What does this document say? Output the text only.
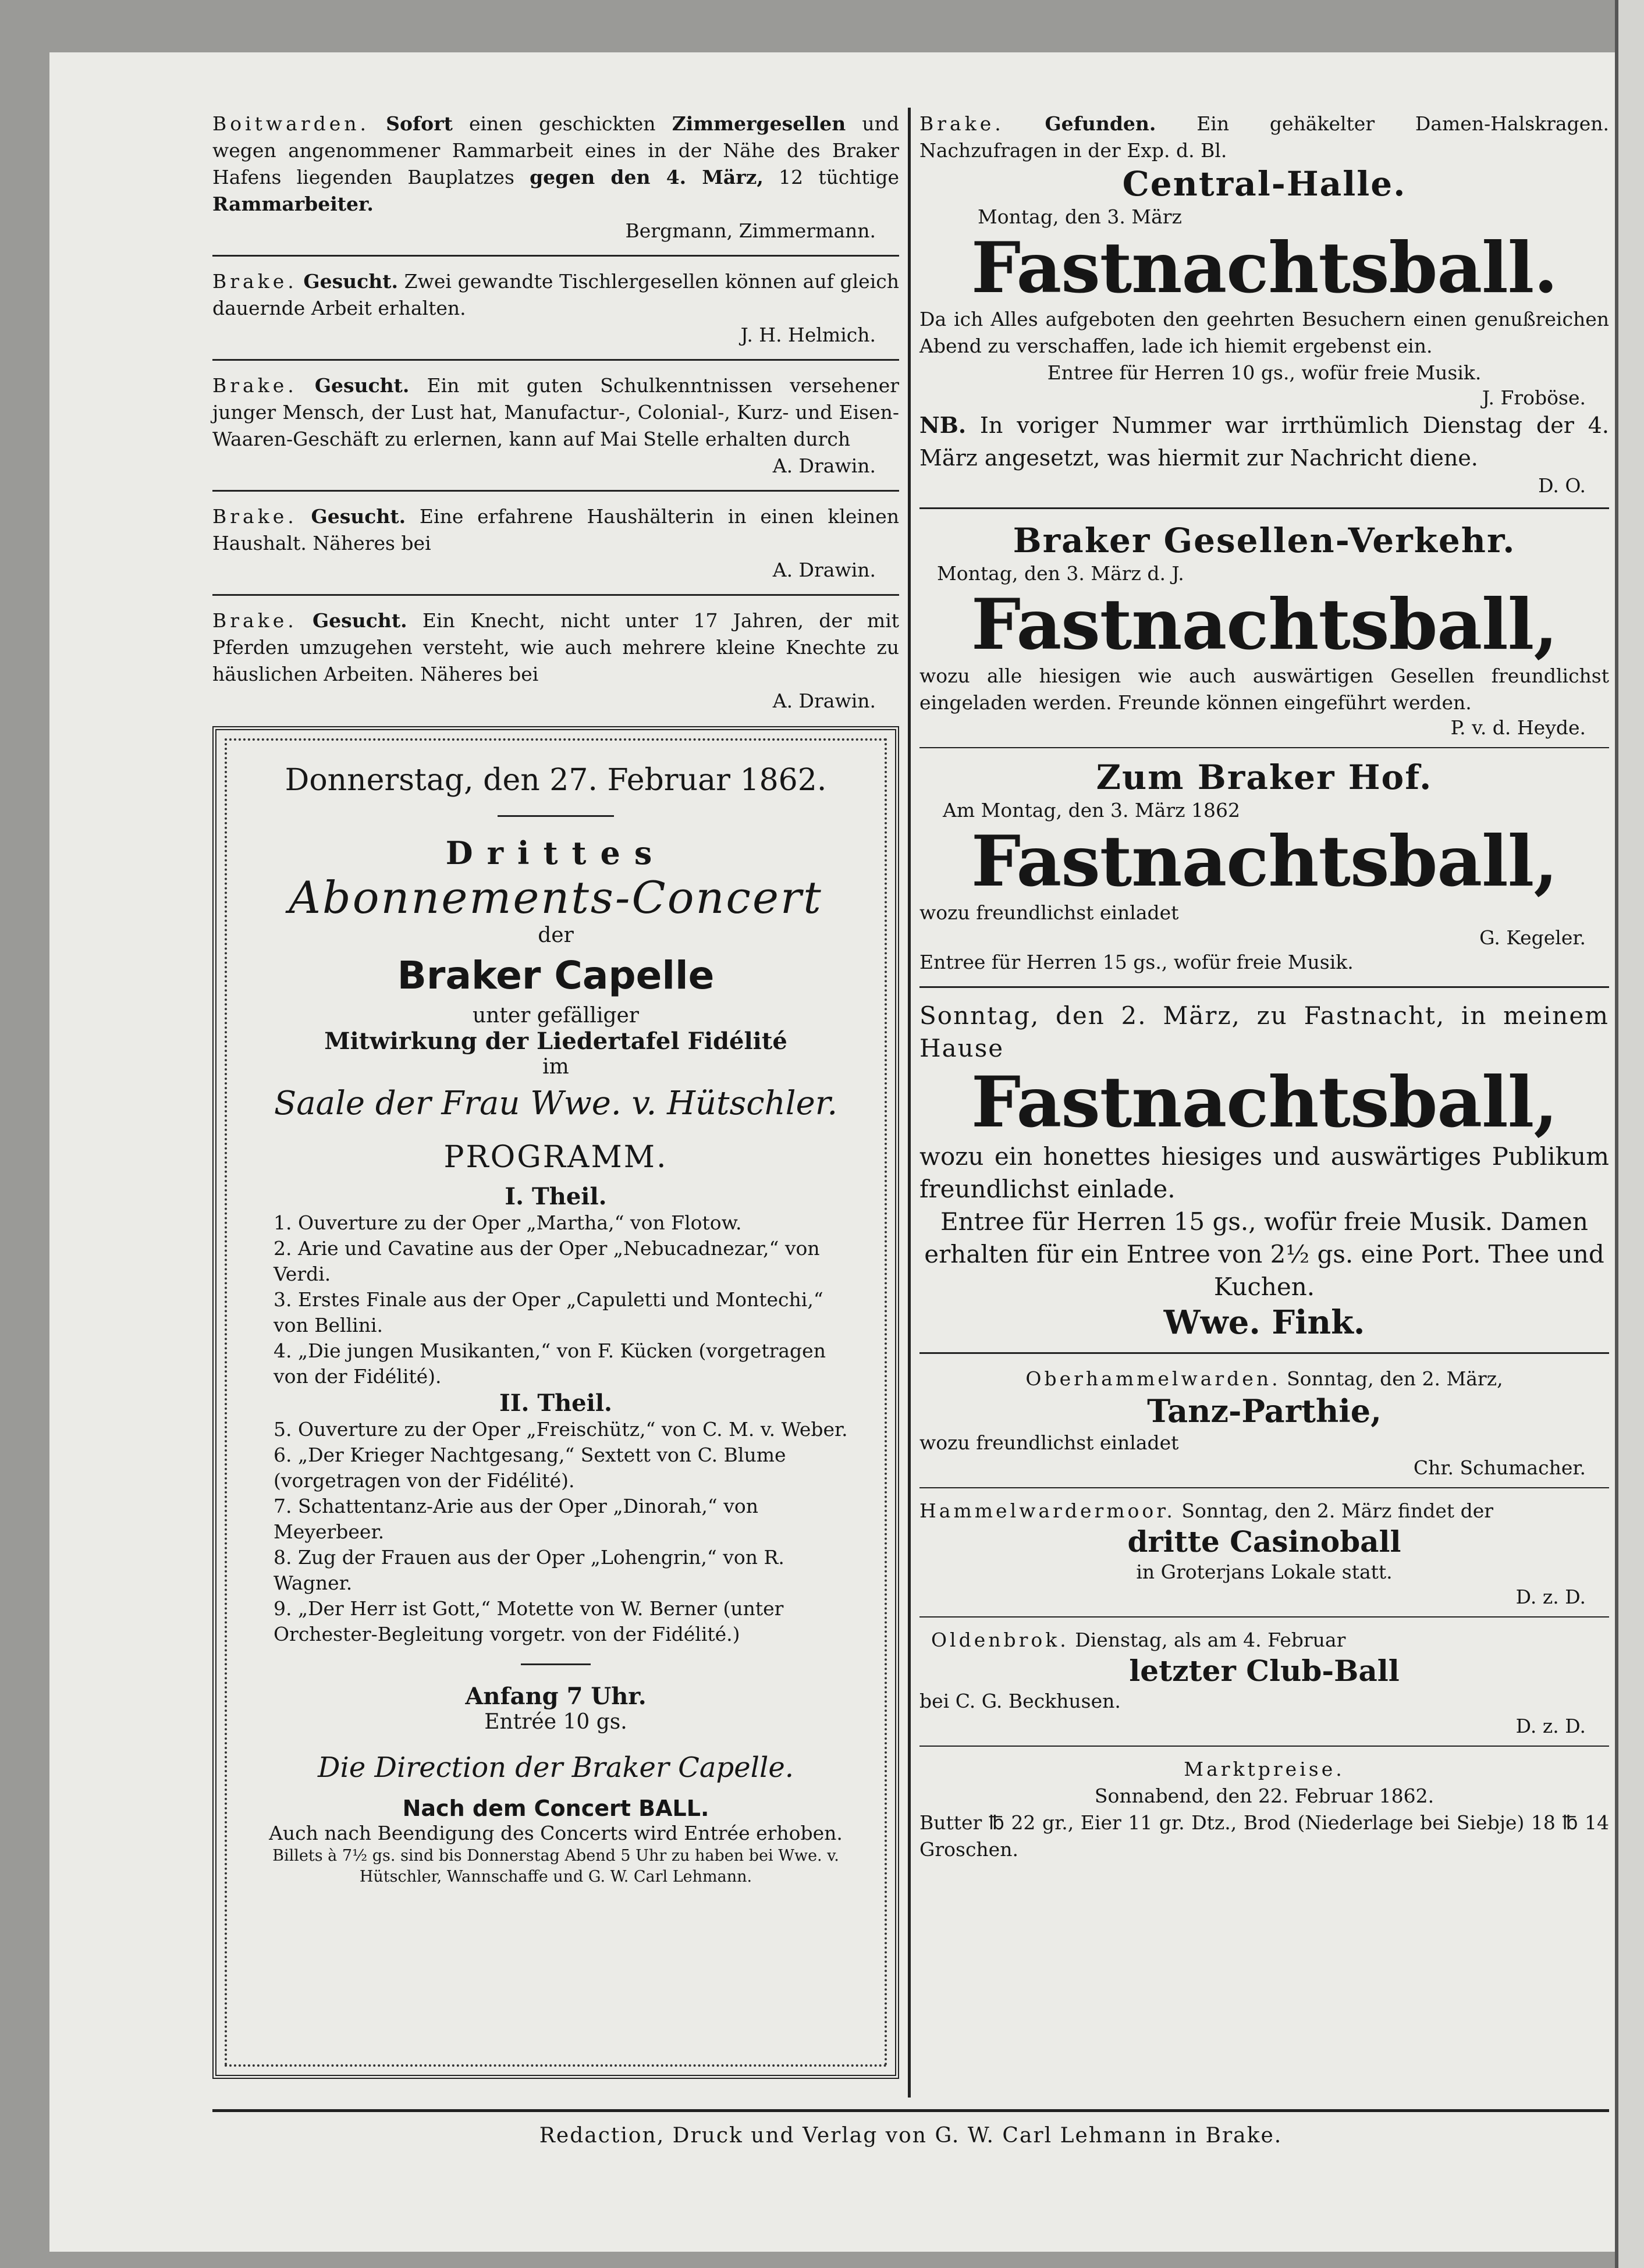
Boitwarden. Sofort einen geschickten Zimmergesellen und wegen angenommener Rammarbeit eines in der Nähe des Braker Hafens liegenden Bauplatzes gegen den 4. März, 12 tüchtige Rammarbeiter.
Bergmann, Zimmermann.
Brake. Gesucht. Zwei gewandte Tischlergesellen können auf gleich dauernde Arbeit erhalten.
J. H. Helmich.
Brake. Gesucht. Ein mit guten Schulkenntnissen versehener junger Mensch, der Lust hat, Manufactur-, Colonial-, Kurz- und Eisen-Waaren-Geschäft zu erlernen, kann auf Mai Stelle erhalten durch
A. Drawin.
Brake. Gesucht. Eine erfahrene Haushälterin in einen kleinen Haushalt. Näheres bei
A. Drawin.
Brake. Gesucht. Ein Knecht, nicht unter 17 Jahren, der mit Pferden umzugehen versteht, wie auch mehrere kleine Knechte zu häuslichen Arbeiten. Näheres bei
A. Drawin.
Donnerstag, den 27. Februar 1862.
Drittes
Abonnements-Concert
der
Braker Capelle
unter gefälliger
Mitwirkung der Liedertafel Fidélité
im
Saale der Frau Wwe. v. Hütschler.
PROGRAMM.
I. Theil.
1. Ouverture zu der Oper „Martha,“ von Flotow.
2. Arie und Cavatine aus der Oper „Nebucadnezar,“ von Verdi.
3. Erstes Finale aus der Oper „Capuletti und Montechi,“ von Bellini.
4. „Die jungen Musikanten,“ von F. Kücken (vorgetragen von der Fidélité).
II. Theil.
5. Ouverture zu der Oper „Freischütz,“ von C. M. v. Weber.
6. „Der Krieger Nachtgesang,“ Sextett von C. Blume (vorgetragen von der Fidélité).
7. Schattentanz-Arie aus der Oper „Dinorah,“ von Meyerbeer.
8. Zug der Frauen aus der Oper „Lohengrin,“ von R. Wagner.
9. „Der Herr ist Gott,“ Motette von W. Berner (unter Orchester-Begleitung vorgetr. von der Fidélité.)
Anfang 7 Uhr.
Entrée 10 gs.
Die Direction der Braker Capelle.
Nach dem Concert BALL.
Auch nach Beendigung des Concerts wird Entrée erhoben.
Billets à 7½ gs. sind bis Donnerstag Abend 5 Uhr zu haben bei Wwe. v. Hütschler, Wannschaffe und G. W. Carl Lehmann.
Brake. Gefunden. Ein gehäkelter Damen-Halskragen. Nachzufragen in der Exp. d. Bl.
Central-Halle.
Montag, den 3. März
Fastnachtsball.
Da ich Alles aufgeboten den geehrten Besuchern einen genußreichen Abend zu verschaffen, lade ich hiemit ergebenst ein.
Entree für Herren 10 gs., wofür freie Musik.
J. Froböse.
NB. In voriger Nummer war irrthümlich Dienstag der 4. März angesetzt, was hiermit zur Nachricht diene.
D. O.
Braker Gesellen-Verkehr.
Montag, den 3. März d. J.
Fastnachtsball,
wozu alle hiesigen wie auch auswärtigen Gesellen freundlichst eingeladen werden. Freunde können eingeführt werden.
P. v. d. Heyde.
Zum Braker Hof.
Am Montag, den 3. März 1862
Fastnachtsball,
wozu freundlichst einladet
G. Kegeler.
Entree für Herren 15 gs., wofür freie Musik.
Sonntag, den 2. März, zu Fastnacht, in meinem Hause
Fastnachtsball,
wozu ein honettes hiesiges und auswärtiges Publikum freundlichst einlade.
Entree für Herren 15 gs., wofür freie Musik. Damen erhalten für ein Entree von 2½ gs. eine Port. Thee und Kuchen.
Wwe. Fink.
Oberhammelwarden. Sonntag, den 2. März,
Tanz-Parthie,
wozu freundlichst einladet
Chr. Schumacher.
Hammelwardermoor. Sonntag, den 2. März findet der
dritte Casinoball
in Groterjans Lokale statt.
D. z. D.
Oldenbrok. Dienstag, als am 4. Februar
letzter Club-Ball
bei C. G. Beckhusen.
D. z. D.
Marktpreise.
Sonnabend, den 22. Februar 1862.
Butter ℔ 22 gr., Eier 11 gr. Dtz., Brod (Niederlage bei Siebje) 18 ℔ 14 Groschen.
Redaction, Druck und Verlag von G. W. Carl Lehmann in Brake.
